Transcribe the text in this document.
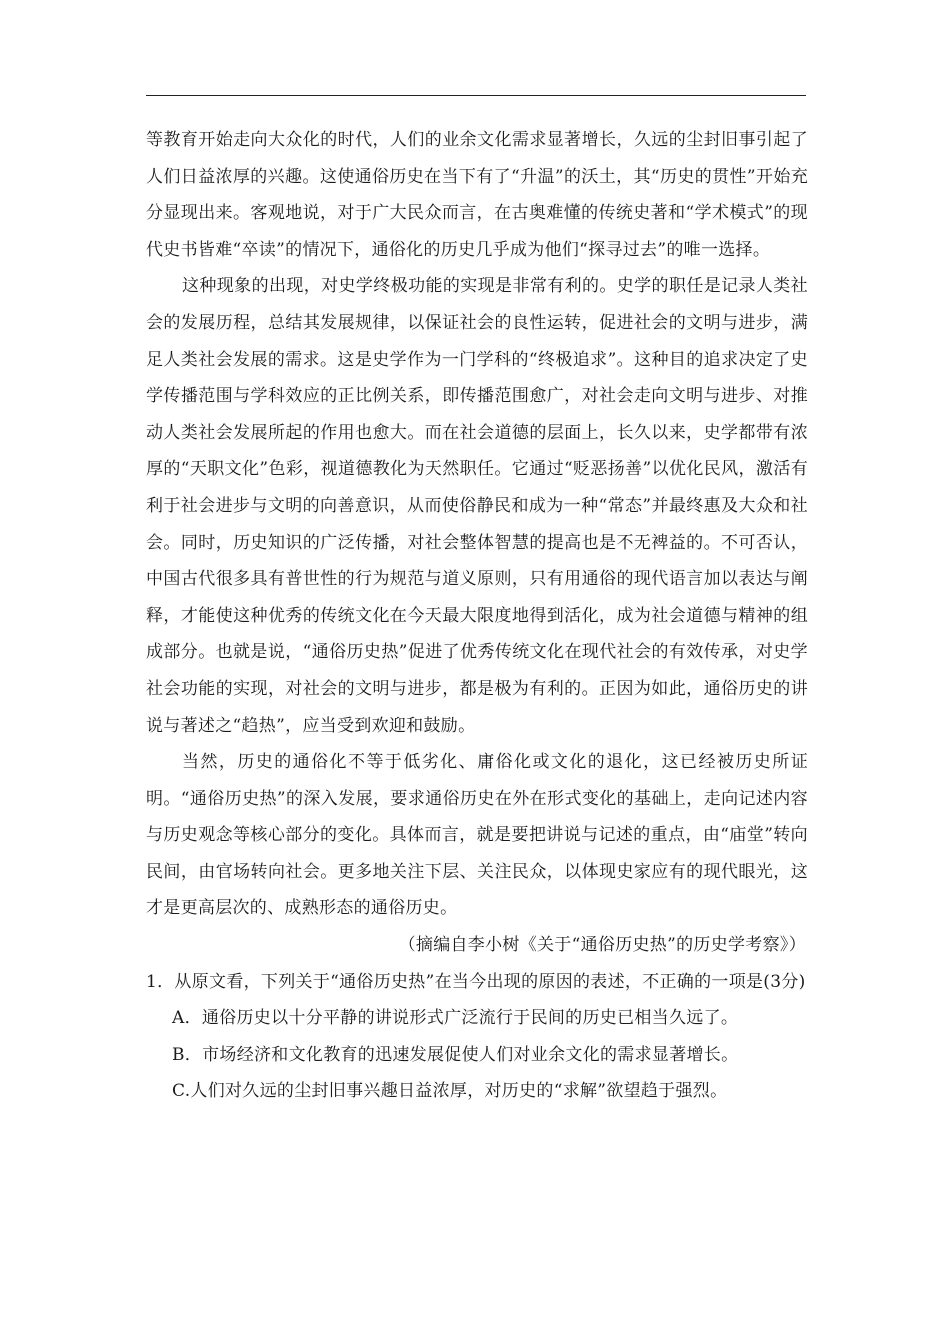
等教育开始走向大众化的时代，人们的业余文化需求显著增长，久远的尘封旧事引起了人们日益浓厚的兴趣。这使通俗历史在当下有了“升温”的沃土，其“历史的贯性”开始充分显现出来。客观地说，对于广大民众而言，在古奥难懂的传统史著和“学术模式”的现代史书皆难“卒读”的情况下，通俗化的历史几乎成为他们“探寻过去”的唯一选择。

这种现象的出现，对史学终极功能的实现是非常有利的。史学的职任是记录人类社会的发展历程，总结其发展规律，以保证社会的良性运转，促进社会的文明与进步，满足人类社会发展的需求。这是史学作为一门学科的“终极追求”。这种目的追求决定了史学传播范围与学科效应的正比例关系，即传播范围愈广，对社会走向文明与进步、对推动人类社会发展所起的作用也愈大。而在社会道德的层面上，长久以来，史学都带有浓厚的“天职文化”色彩，视道德教化为天然职任。它通过“贬恶扬善”以优化民风，激活有利于社会进步与文明的向善意识，从而使俗静民和成为一种“常态”并最终惠及大众和社会。同时，历史知识的广泛传播，对社会整体智慧的提高也是不无裨益的。不可否认，中国古代很多具有普世性的行为规范与道义原则，只有用通俗的现代语言加以表达与阐释，才能使这种优秀的传统文化在今天最大限度地得到活化，成为社会道德与精神的组成部分。也就是说，“通俗历史热”促进了优秀传统文化在现代社会的有效传承，对史学社会功能的实现，对社会的文明与进步，都是极为有利的。正因为如此，通俗历史的讲说与著述之“趋热”，应当受到欢迎和鼓励。

当然，历史的通俗化不等于低劣化、庸俗化或文化的退化，这已经被历史所证明。“通俗历史热”的深入发展，要求通俗历史在外在形式变化的基础上，走向记述内容与历史观念等核心部分的变化。具体而言，就是要把讲说与记述的重点，由“庙堂”转向民间，由官场转向社会。更多地关注下层、关注民众，以体现史家应有的现代眼光，这才是更高层次的、成熟形态的通俗历史。

（摘编自李小树《关于“通俗历史热”的历史学考察》）

1．从原文看，下列关于“通俗历史热”在当今出现的原因的表述，不正确的一项是(3分)

A．通俗历史以十分平静的讲说形式广泛流行于民间的历史已相当久远了。

B．市场经济和文化教育的迅速发展促使人们对业余文化的需求显著增长。

C.人们对久远的尘封旧事兴趣日益浓厚，对历史的“求解”欲望趋于强烈。
